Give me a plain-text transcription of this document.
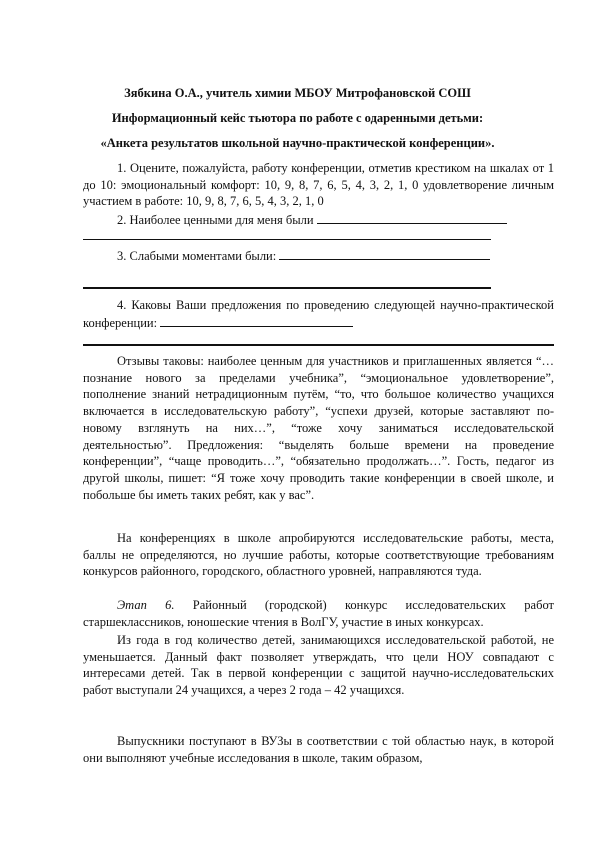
Зябкина О.А., учитель химии МБОУ Митрофановской СОШ
Информационный кейс тьютора по работе с одаренными детьми:
«Анкета результатов школьной научно-практической конференции».

1. Оцените, пожалуйста, работу конференции, отметив крестиком на шкалах от 1 до 10: эмоциональный комфорт: 10, 9, 8, 7, 6, 5, 4, 3, 2, 1, 0 удовлетворение личным участием в работе: 10, 9, 8, 7, 6, 5, 4, 3, 2, 1, 0

2. Наиболее ценными для меня были

3. Слабыми моментами были:

4. Каковы Ваши предложения по проведению следующей научно-практической конференции:

Отзывы таковы: наиболее ценным для участников и приглашенных является “…познание нового за пределами учебника”, “эмоциональное удовлетворение”, пополнение знаний нетрадиционным путём, “то, что большое количество учащихся включается в исследовательскую работу”, “успехи друзей, которые заставляют по-новому взглянуть на них…”, “тоже хочу заниматься исследовательской деятельностью”. Предложения: “выделять больше времени на проведение конференции”, “чаще проводить…”, “обязательно продолжать…”. Гость, педагог из другой школы, пишет: “Я тоже хочу проводить такие конференции в своей школе, и побольше бы иметь таких ребят, как у вас”.

На конференциях в школе апробируются исследовательские работы, места, баллы не определяются, но лучшие работы, которые соответствующие требованиям конкурсов районного, городского, областного уровней, направляются туда.

Этап 6. Районный (городской) конкурс исследовательских работ старшеклассников, юношеские чтения в ВолГУ, участие в иных конкурсах.

Из года в год количество детей, занимающихся исследовательской работой, не уменьшается. Данный факт позволяет утверждать, что цели НОУ совпадают с интересами детей. Так в первой конференции с защитой научно-исследовательских работ выступали 24 учащихся, а через 2 года – 42 учащихся.

Выпускники поступают в ВУЗы в соответствии с той областью наук, в которой они выполняют учебные исследования в школе, таким образом,
